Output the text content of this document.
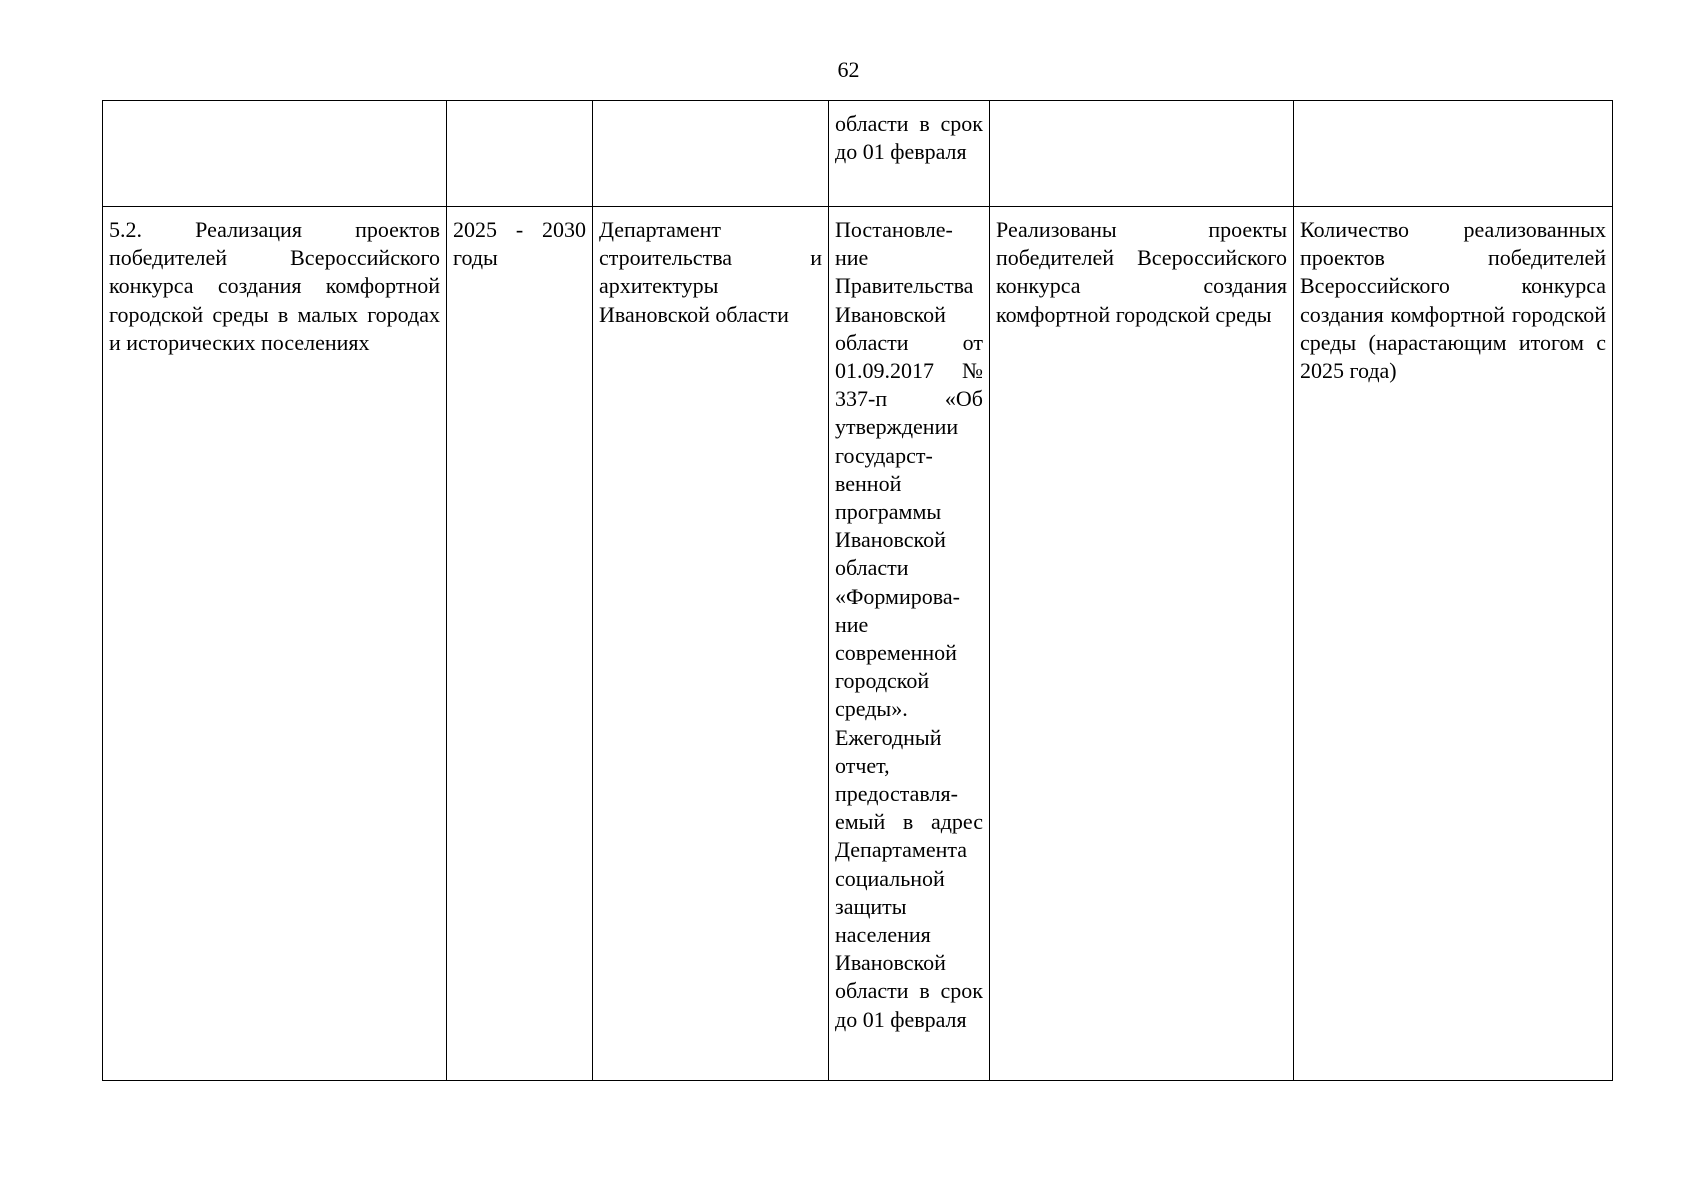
62
			области в срок до 01 февраля		
5.2. Реализация проектов победителей Всероссийского конкурса создания комфортной городской среды в малых городах и исторических поселениях	2025 - 2030 годы	Департамент строительства и архитектуры Ивановской области	Постановле-ние Правительства Ивановской области от 01.09.2017 № 337-п «Об утверждении государст-венной программы Ивановской области «Формирова-ние современной городской среды». Ежегодный отчет, предоставля-емый в адрес Департамента социальной защиты населения Ивановской области в срок до 01 февраля	Реализованы проекты победителей Всероссийского конкурса создания комфортной городской среды	Количество реализованных проектов победителей Всероссийского конкурса создания комфортной городской среды (нарастающим итогом с 2025 года)
